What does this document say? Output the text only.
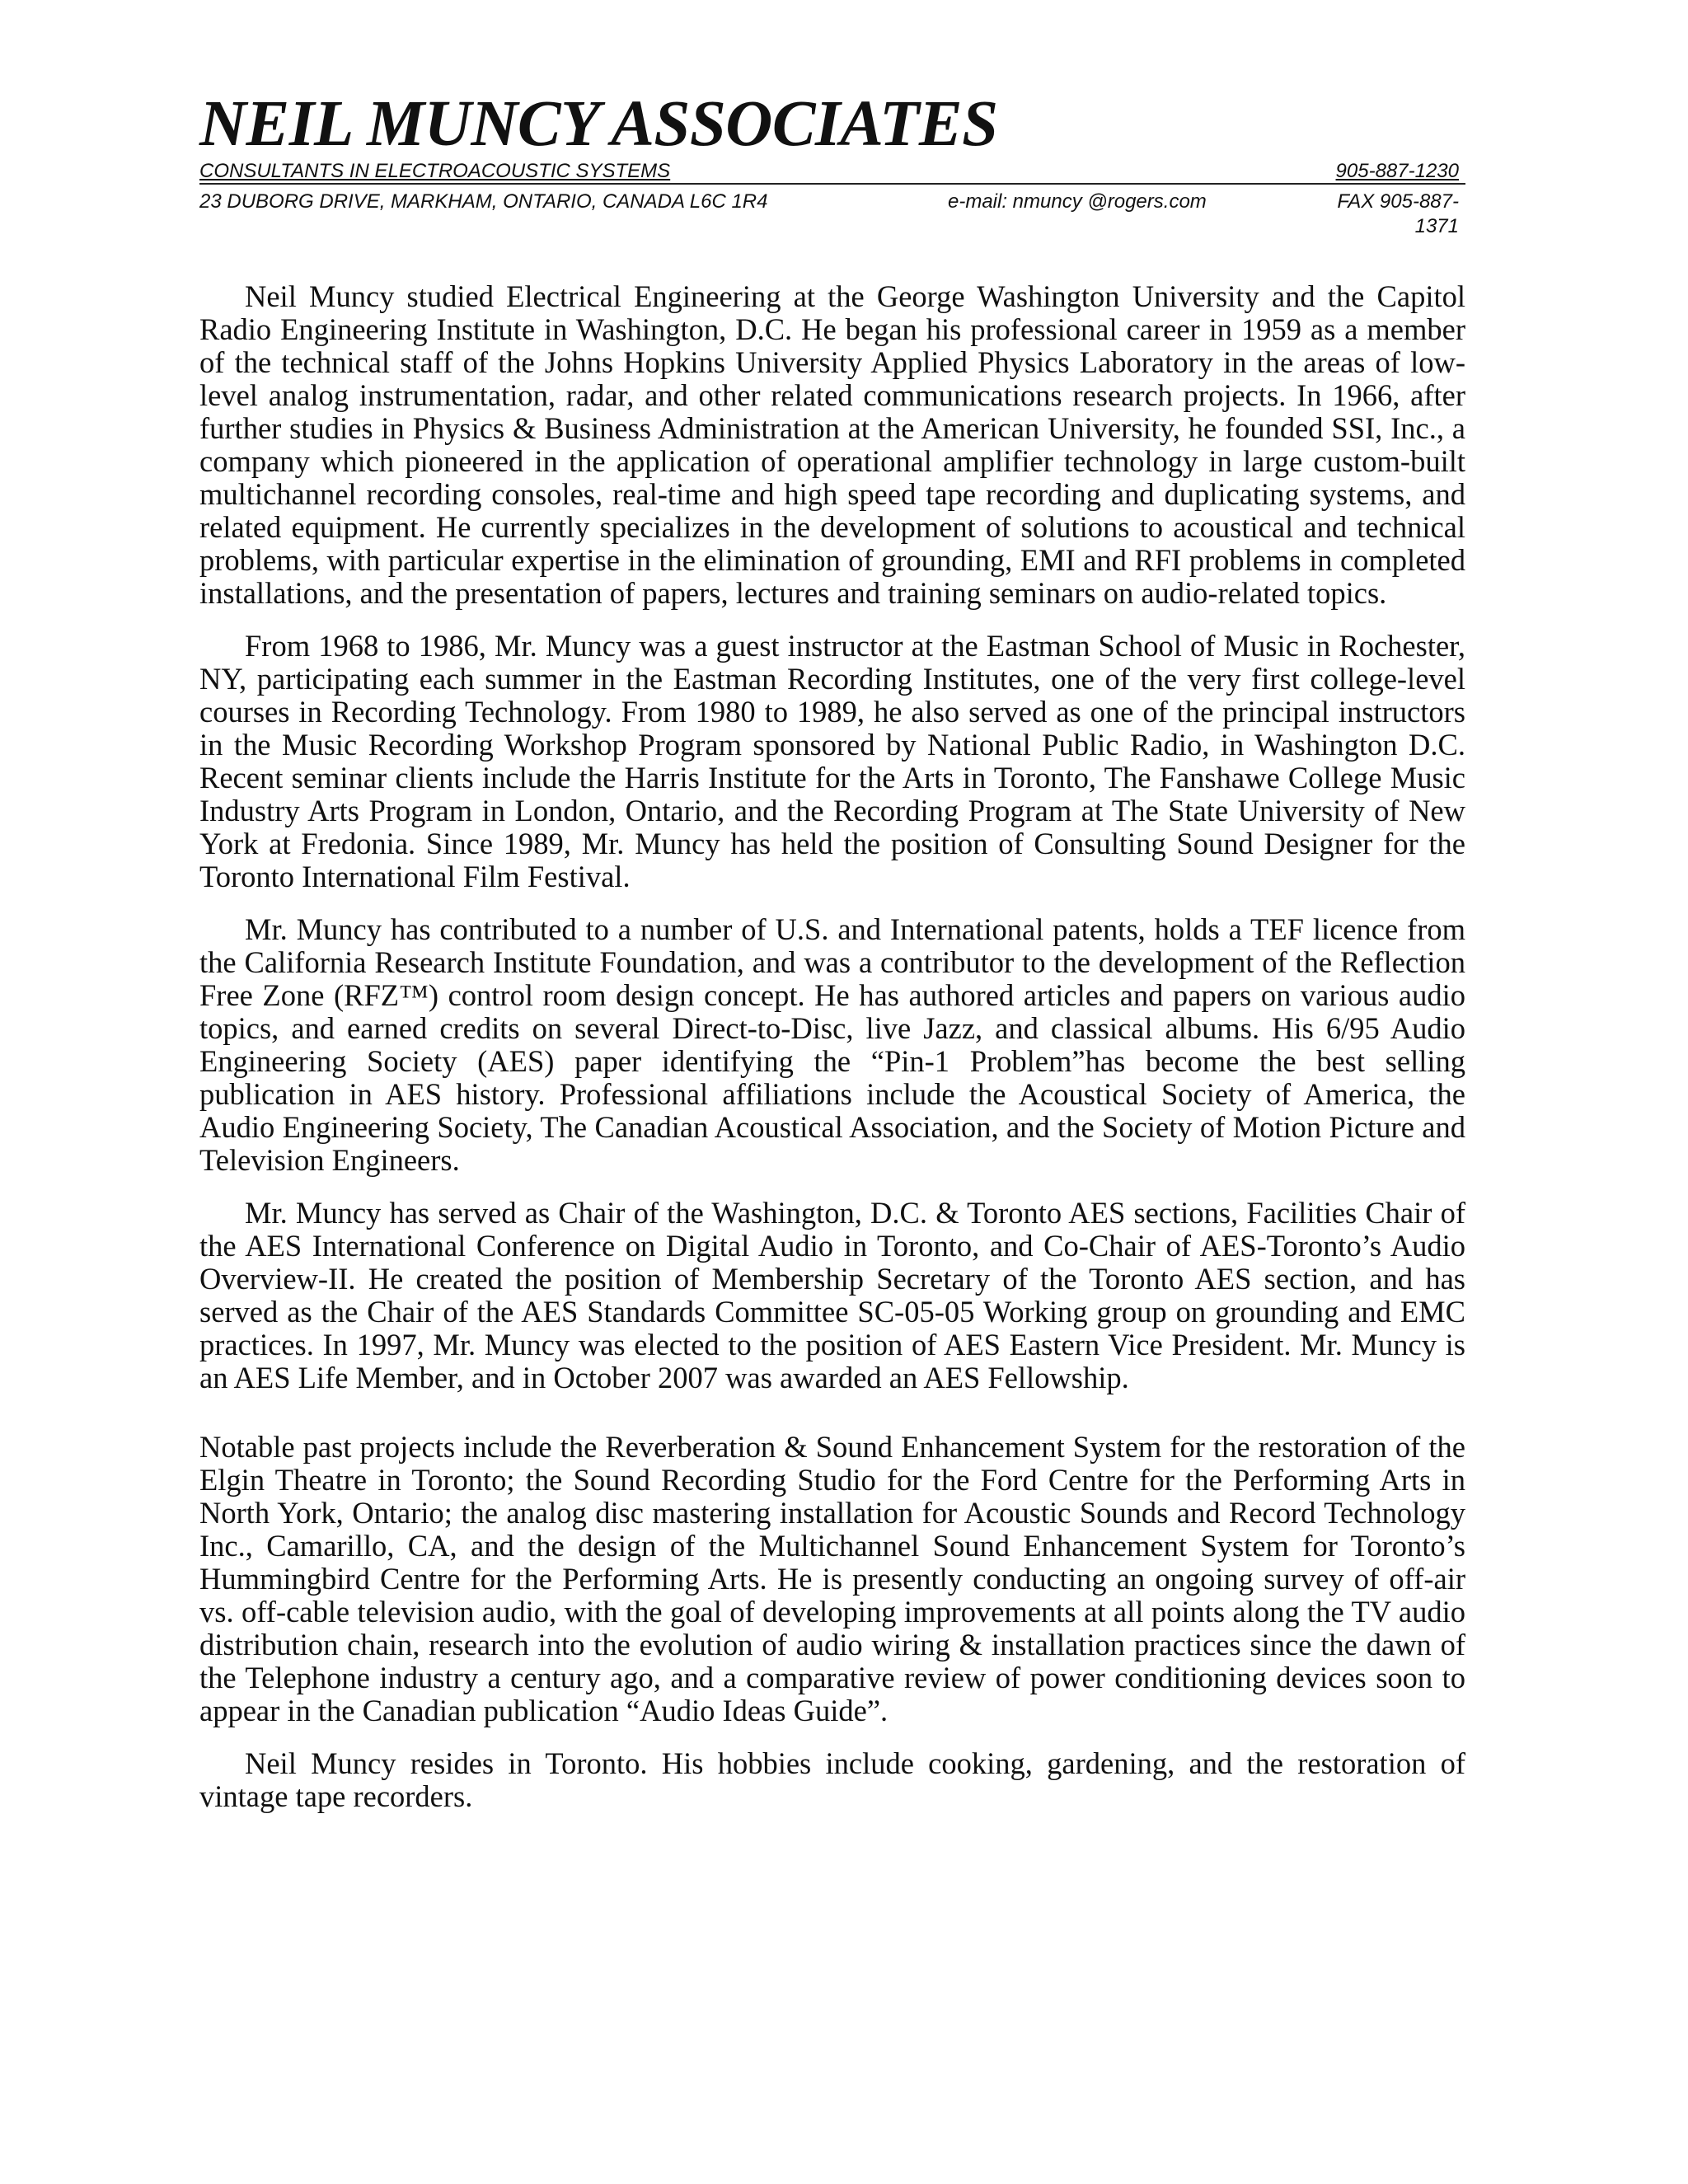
NEIL MUNCY ASSOCIATES
CONSULTANTS IN ELECTROACOUSTIC SYSTEMS	905-887-1230
23 DUBORG DRIVE, MARKHAM, ONTARIO, CANADA L6C 1R4	e-mail: nmuncy @rogers.com	FAX 905-887-1371

Neil Muncy studied Electrical Engineering at the George Washington University and the Capitol Radio Engineering Institute in Washington, D.C. He began his professional career in 1959 as a member of the technical staff of the Johns Hopkins University Applied Physics Laboratory in the areas of low-level analog instrumentation, radar, and other related communications research projects. In 1966, after further studies in Physics & Business Administration at the American University, he founded SSI, Inc., a company which pioneered in the application of operational amplifier technology in large custom-built multichannel recording consoles, real-time and high speed tape recording and duplicating systems, and related equipment. He currently specializes in the development of solutions to acoustical and technical problems, with particular expertise in the elimination of grounding, EMI and RFI problems in completed installations, and the presentation of papers, lectures and training seminars on audio-related topics.

From 1968 to 1986, Mr. Muncy was a guest instructor at the Eastman School of Music in Rochester, NY, participating each summer in the Eastman Recording Institutes, one of the very first college-level courses in Recording Technology. From 1980 to 1989, he also served as one of the principal instructors in the Music Recording Workshop Program sponsored by National Public Radio, in Washington D.C. Recent seminar clients include the Harris Institute for the Arts in Toronto, The Fanshawe College Music Industry Arts Program in London, Ontario, and the Recording Program at The State University of New York at Fredonia. Since 1989, Mr. Muncy has held the position of Consulting Sound Designer for the Toronto International Film Festival.

Mr. Muncy has contributed to a number of U.S. and International patents, holds a TEF licence from the California Research Institute Foundation, and was a contributor to the development of the Reflection Free Zone (RFZ™) control room design concept. He has authored articles and papers on various audio topics, and earned credits on several Direct-to-Disc, live Jazz, and classical albums. His 6/95 Audio Engineering Society (AES) paper identifying the “Pin-1 Problem”has become the best selling publication in AES history. Professional affiliations include the Acoustical Society of America, the Audio Engineering Society, The Canadian Acoustical Association, and the Society of Motion Picture and Television Engineers.

Mr. Muncy has served as Chair of the Washington, D.C. & Toronto AES sections, Facilities Chair of the AES International Conference on Digital Audio in Toronto, and Co-Chair of AES-Toronto’s Audio Overview-II. He created the position of Membership Secretary of the Toronto AES section, and has served as the Chair of the AES Standards Committee SC-05-05 Working group on grounding and EMC practices. In 1997, Mr. Muncy was elected to the position of AES Eastern Vice President. Mr. Muncy is an AES Life Member, and in October 2007 was awarded an AES Fellowship.

Notable past projects include the Reverberation & Sound Enhancement System for the restoration of the Elgin Theatre in Toronto; the Sound Recording Studio for the Ford Centre for the Performing Arts in North York, Ontario; the analog disc mastering installation for Acoustic Sounds and Record Technology Inc., Camarillo, CA, and the design of the Multichannel Sound Enhancement System for Toronto’s Hummingbird Centre for the Performing Arts. He is presently conducting an ongoing survey of off-air vs. off-cable television audio, with the goal of developing improvements at all points along the TV audio distribution chain, research into the evolution of audio wiring & installation practices since the dawn of the Telephone industry a century ago, and a comparative review of power conditioning devices soon to appear in the Canadian publication “Audio Ideas Guide”.

Neil Muncy resides in Toronto. His hobbies include cooking, gardening, and the restoration of vintage tape recorders.
